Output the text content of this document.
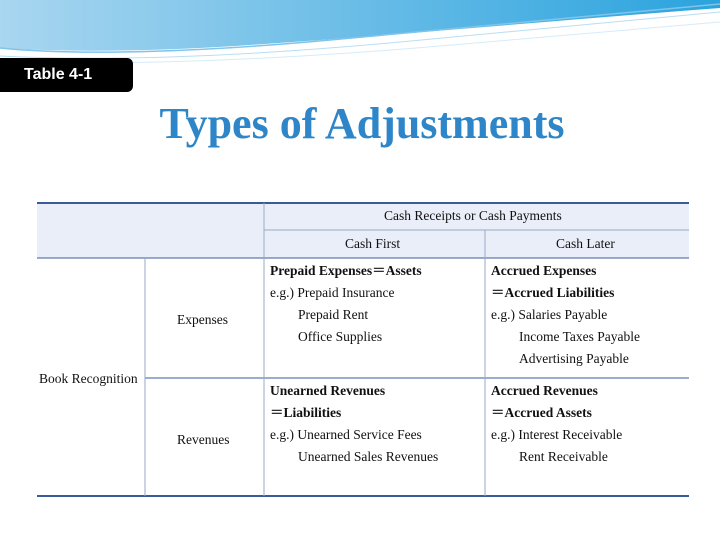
Table 4-1
Types of Adjustments
Cash Receipts or Cash Payments
Cash First	Cash Later
Book Recognition
Expenses
Revenues
Prepaid Expenses＝Assets
e.g.) Prepaid Insurance
Prepaid Rent
Office Supplies
Accrued Expenses
＝Accrued Liabilities
e.g.) Salaries Payable
Income Taxes Payable
Advertising Payable
Unearned Revenues
＝Liabilities
e.g.) Unearned Service Fees
Unearned Sales Revenues
Accrued Revenues
＝Accrued Assets
e.g.) Interest Receivable
Rent Receivable
